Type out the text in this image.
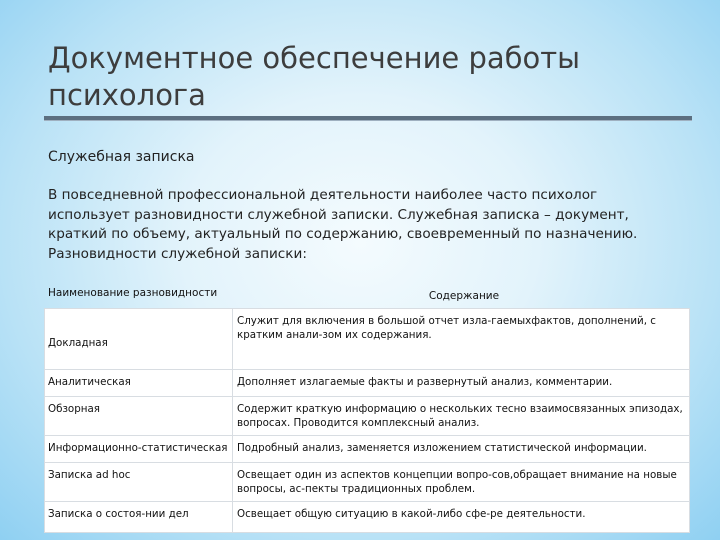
Документное обеспечение работы психолога
Служебная записка
В повседневной профессиональной деятельности наиболее часто психолог использует разновидности служебной записки. Служебная записка – документ, краткий по объему, актуальный по содержанию, своевременный по назначению. Разновидности служебной записки:
Наименование разновидности	Содержание
Докладная	Служит для включения в большой отчет изла-гаемыхфактов, дополнений, с кратким анали-зом их содержания.
Аналитическая	Дополняет излагаемые факты и развернутый анализ, комментарии.
Обзорная	Содержит краткую информацию о нескольких тесно взаимосвязанных эпизодах, вопросах. Проводится комплексный анализ.
Информационно-статистическая	Подробный анализ, заменяется изложением статистической информации.
Записка ad hoc	Освещает один из аспектов концепции вопро-сов,обращает внимание на новые вопросы, ас-пекты традиционных проблем.
Записка о состоя-нии дел	Освещает общую ситуацию в какой-либо сфе-ре деятельности.
